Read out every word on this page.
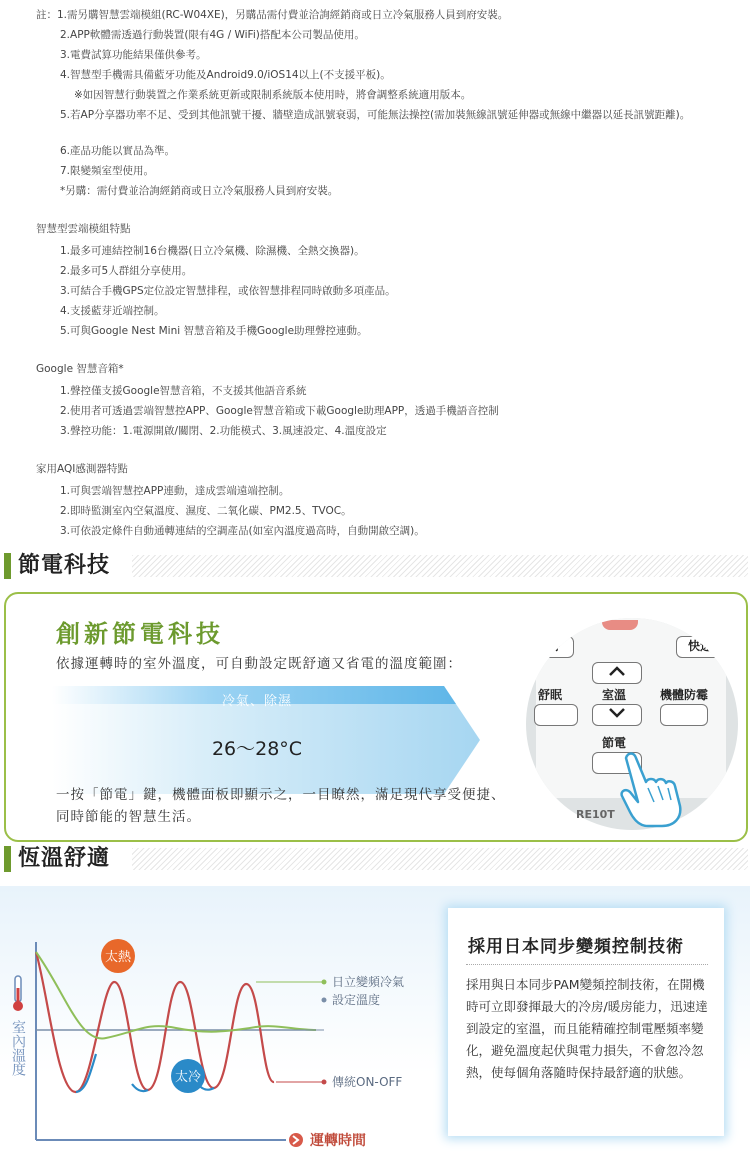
註：1.需另購智慧雲端模組(RC-W04XE)，另購品需付費並洽詢經銷商或日立冷氣服務人員到府安裝。
2.APP軟體需透過行動裝置(限有4G / WiFi)搭配本公司製品使用。
3.電費試算功能結果僅供參考。
4.智慧型手機需具備藍牙功能及Android9.0/iOS14以上(不支援平板)。
※如因智慧行動裝置之作業系統更新或限制系統版本使用時，將會調整系統適用版本。
5.若AP分享器功率不足、受到其他訊號干擾、牆壁造成訊號衰弱，可能無法操控(需加裝無線訊號延伸器或無線中繼器以延長訊號距離)。
6.產品功能以實品為準。
7.限變頻室型使用。
*另購：需付費並洽詢經銷商或日立冷氣服務人員到府安裝。
智慧型雲端模組特點
1.最多可連結控制16台機器(日立冷氣機、除濕機、全熱交換器)。
2.最多可5人群組分享使用。
3.可結合手機GPS定位設定智慧排程，或依智慧排程同時啟動多項產品。
4.支援藍芽近端控制。
5.可與Google Nest Mini 智慧音箱及手機Google助理聲控連動。
Google 智慧音箱*
1.聲控僅支援Google智慧音箱，不支援其他語音系統
2.使用者可透過雲端智慧控APP、Google智慧音箱或下載Google助理APP，透過手機語音控制
3.聲控功能：1.電源開啟/關閉、2.功能模式、3.風速設定、4.溫度設定
家用AQI感測器特點
1.可與雲端智慧控APP連動，達成雲端遠端控制。
2.即時監測室內空氣溫度、濕度、二氧化碳、PM2.5、TVOC。
3.可依設定條件自動通轉連結的空調產品(如室內溫度過高時，自動開啟空調)。
節電科技
創新節電科技
依據運轉時的室外溫度，可自動設定既舒適又省電的溫度範圍：
冷氣、除濕
26～28°C
一按「節電」鍵，機體面板即顯示之，一目瞭然，滿足現代享受便捷、同時節能的智慧生活。
時	快速
舒眠	室溫	機體防霉
節電
RE10T
恆溫舒適
室內溫度
日立變頻冷氣
設定溫度
傳統ON-OFF
太熱
太冷
運轉時間
採用日本同步變頻控制技術
採用與日本同步PAM變頻控制技術，在開機時可立即發揮最大的冷房/暖房能力，迅速達到設定的室溫，而且能精確控制電壓頻率變化，避免溫度起伏與電力損失，不會忽冷忽熱，使每個角落隨時保持最舒適的狀態。
